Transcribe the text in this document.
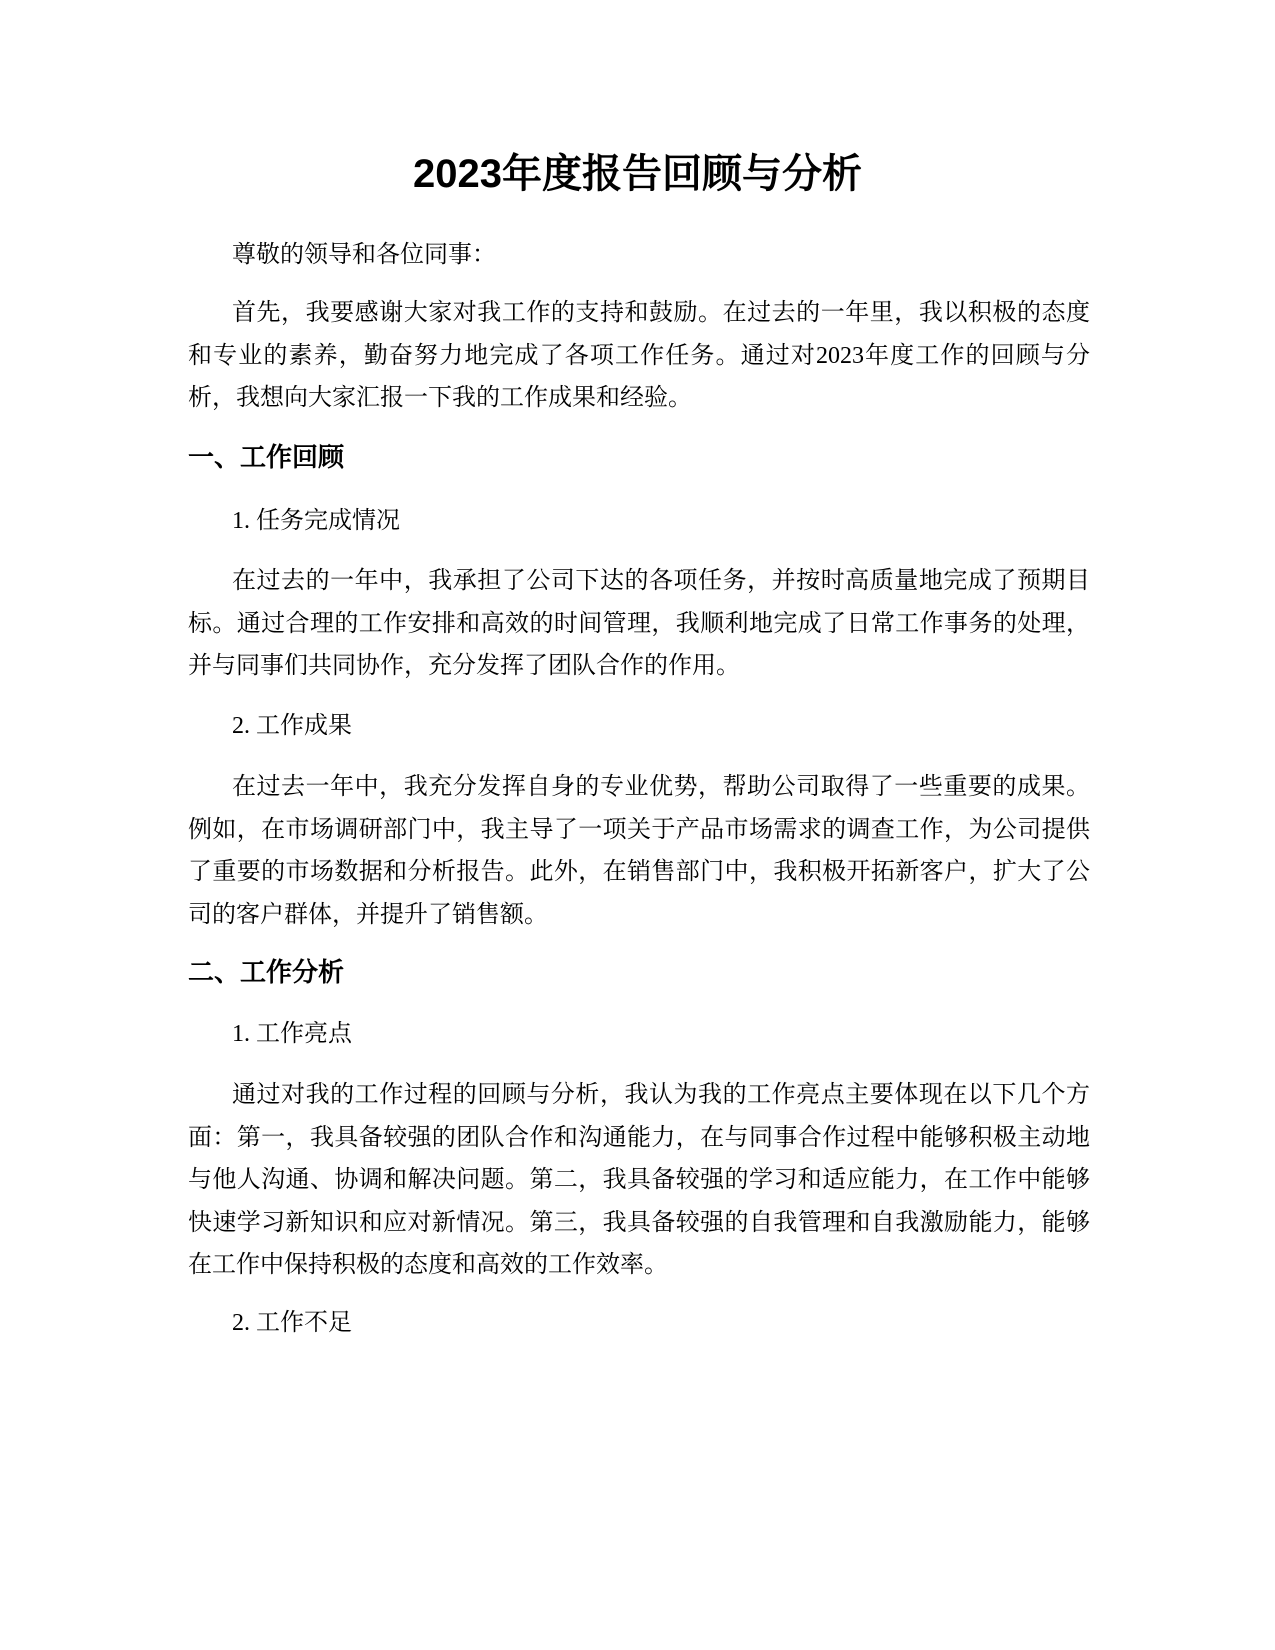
2023年度报告回顾与分析

尊敬的领导和各位同事：

首先，我要感谢大家对我工作的支持和鼓励。在过去的一年里，我以积极的态度和专业的素养，勤奋努力地完成了各项工作任务。通过对2023年度工作的回顾与分析，我想向大家汇报一下我的工作成果和经验。

一、工作回顾

1. 任务完成情况

在过去的一年中，我承担了公司下达的各项任务，并按时高质量地完成了预期目标。通过合理的工作安排和高效的时间管理，我顺利地完成了日常工作事务的处理，并与同事们共同协作，充分发挥了团队合作的作用。

2. 工作成果

在过去一年中，我充分发挥自身的专业优势，帮助公司取得了一些重要的成果。例如，在市场调研部门中，我主导了一项关于产品市场需求的调查工作，为公司提供了重要的市场数据和分析报告。此外，在销售部门中，我积极开拓新客户，扩大了公司的客户群体，并提升了销售额。

二、工作分析

1. 工作亮点

通过对我的工作过程的回顾与分析，我认为我的工作亮点主要体现在以下几个方面：第一，我具备较强的团队合作和沟通能力，在与同事合作过程中能够积极主动地与他人沟通、协调和解决问题。第二，我具备较强的学习和适应能力，在工作中能够快速学习新知识和应对新情况。第三，我具备较强的自我管理和自我激励能力，能够在工作中保持积极的态度和高效的工作效率。

2. 工作不足
